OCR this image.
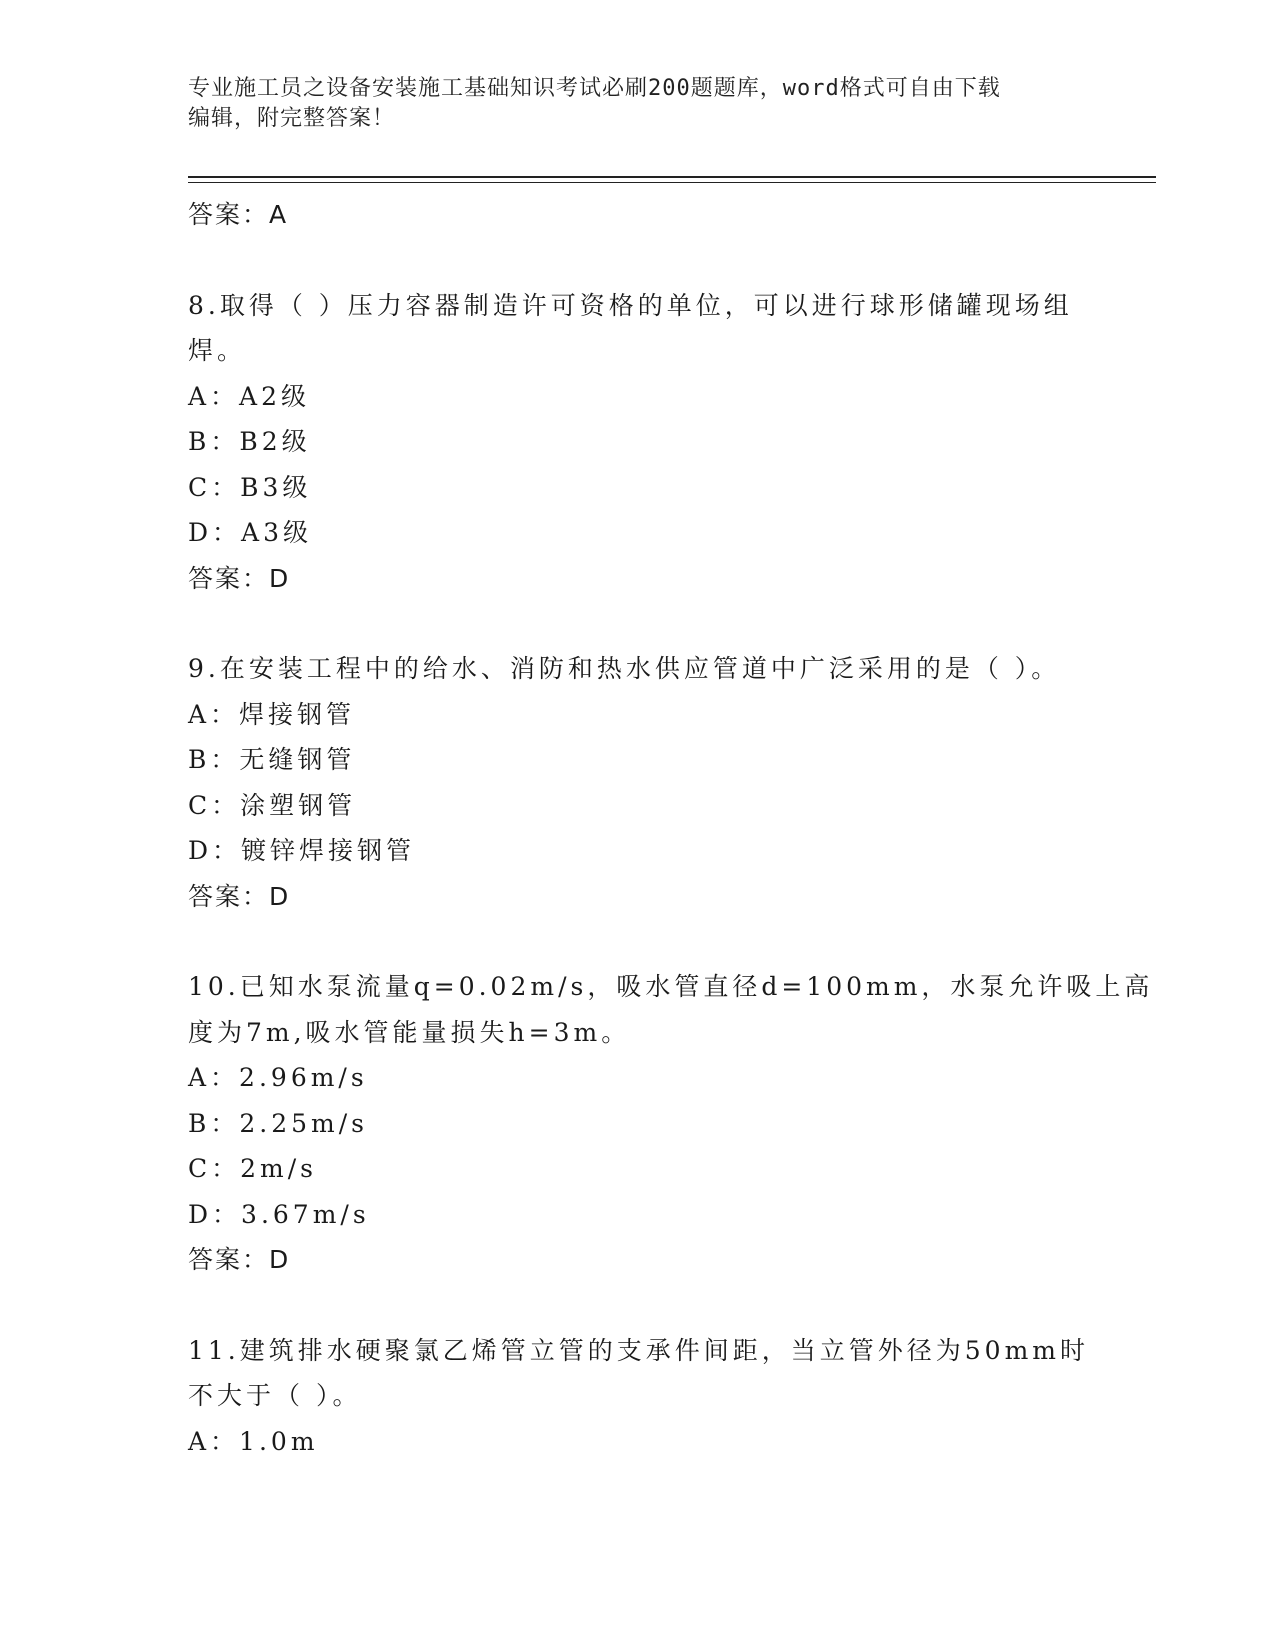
专业施工员之设备安装施工基础知识考试必刷200题题库，word格式可自由下载
编辑，附完整答案！
答案：A
8.取得（ ）压力容器制造许可资格的单位，可以进行球形储罐现场组
焊。
A：A2级
B：B2级
C：B3级
D：A3级
答案：D
9.在安装工程中的给水、消防和热水供应管道中广泛采用的是（ ）。
A：焊接钢管
B：无缝钢管
C：涂塑钢管
D：镀锌焊接钢管
答案：D
10.已知水泵流量q=0.02m/s，吸水管直径d=100mm，水泵允许吸上高
度为7m,吸水管能量损失h=3m。
A：2.96m/s
B：2.25m/s
C：2m/s
D：3.67m/s
答案：D
11.建筑排水硬聚氯乙烯管立管的支承件间距，当立管外径为50mm时
不大于（ ）。
A：1.0m
